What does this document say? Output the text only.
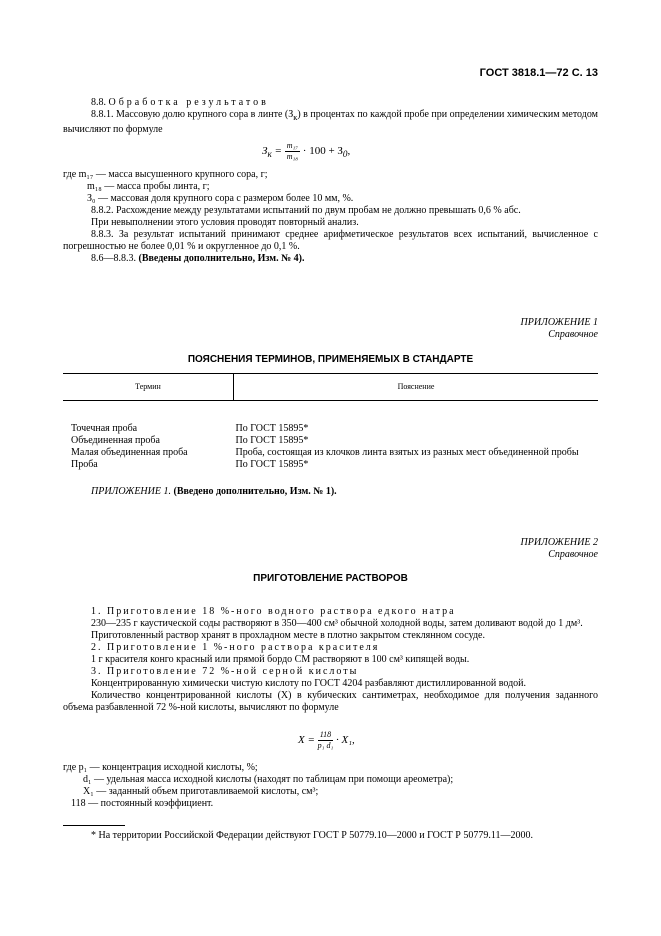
ГОСТ 3818.1—72 С. 13

8.8. Обработка результатов

8.8.1. Массовую долю крупного сора в линте $(З_к)$ в процентах по каждой пробе при определении химическим методом вычисляют по формуле

$З_к = \frac{\text{m₁₇}}{\text{m₁₈}} \cdot 100 + З_0$,

где m₁₇ — масса высушенного крупного сора, г;

m₁₈ — масса пробы линта, г;

З₀ — массовая доля крупного сора с размером более 10 мм, %.

8.8.2. Расхождение между результатами испытаний по двум пробам не должно превышать 0,6 % абс.

При невыполнении этого условия проводят повторный анализ.

8.8.3. За результат испытаний принимают среднее арифметическое результатов всех испытаний, вычисленное с погрешностью не более 0,01 % и округленное до 0,1 %.

8.6—8.8.3. (Введены дополнительно, Изм. № 4).

ПРИЛОЖЕНИЕ 1
Справочное
ПОЯСНЕНИЯ ТЕРМИНОВ, ПРИМЕНЯЕМЫХ В СТАНДАРТЕ
Термин	Пояснение

Точечная проба	По ГОСТ 15895*
Объединенная проба	По ГОСТ 15895*
Малая объединенная проба	Проба, состоящая из клочков линта взятых из разных мест объединенной пробы
Проба	По ГОСТ 15895*
ПРИЛОЖЕНИЕ 1. (Введено дополнительно, Изм. № 1).
ПРИЛОЖЕНИЕ 2
Справочное
ПРИГОТОВЛЕНИЕ РАСТВОРОВ

1. Приготовление 18 %-ного водного раствора едкого натра

230—235 г каустической соды растворяют в 350—400 см³ обычной холодной воды, затем доливают водой до 1 дм³.

Приготовленный раствор хранят в прохладном месте в плотно закрытом стеклянном сосуде.

2. Приготовление 1 %-ного раствора красителя

1 г красителя конго красный или прямой бордо СМ растворяют в 100 см³ кипящей воды.

3. Приготовление 72 %-ной серной кислоты

Концентрированную химически чистую кислоту по ГОСТ 4204 разбавляют дистиллированной водой.

Количество концентрированной кислоты (X) в кубических сантиметрах, необходимое для получения заданного объема разбавленной 72 %-ной кислоты, вычисляют по формуле

$X = \frac{118}{\text{p₁ d₁}} \cdot X_1$,

где p₁ — концентрация исходной кислоты, %;

d₁ — удельная масса исходной кислоты (находят по таблицам при помощи ареометра);

X₁ — заданный объем приготавливаемой кислоты, см³;

118 — постоянный коэффициент.

* На территории Российской Федерации действуют ГОСТ Р 50779.10—2000 и ГОСТ Р 50779.11—2000.
